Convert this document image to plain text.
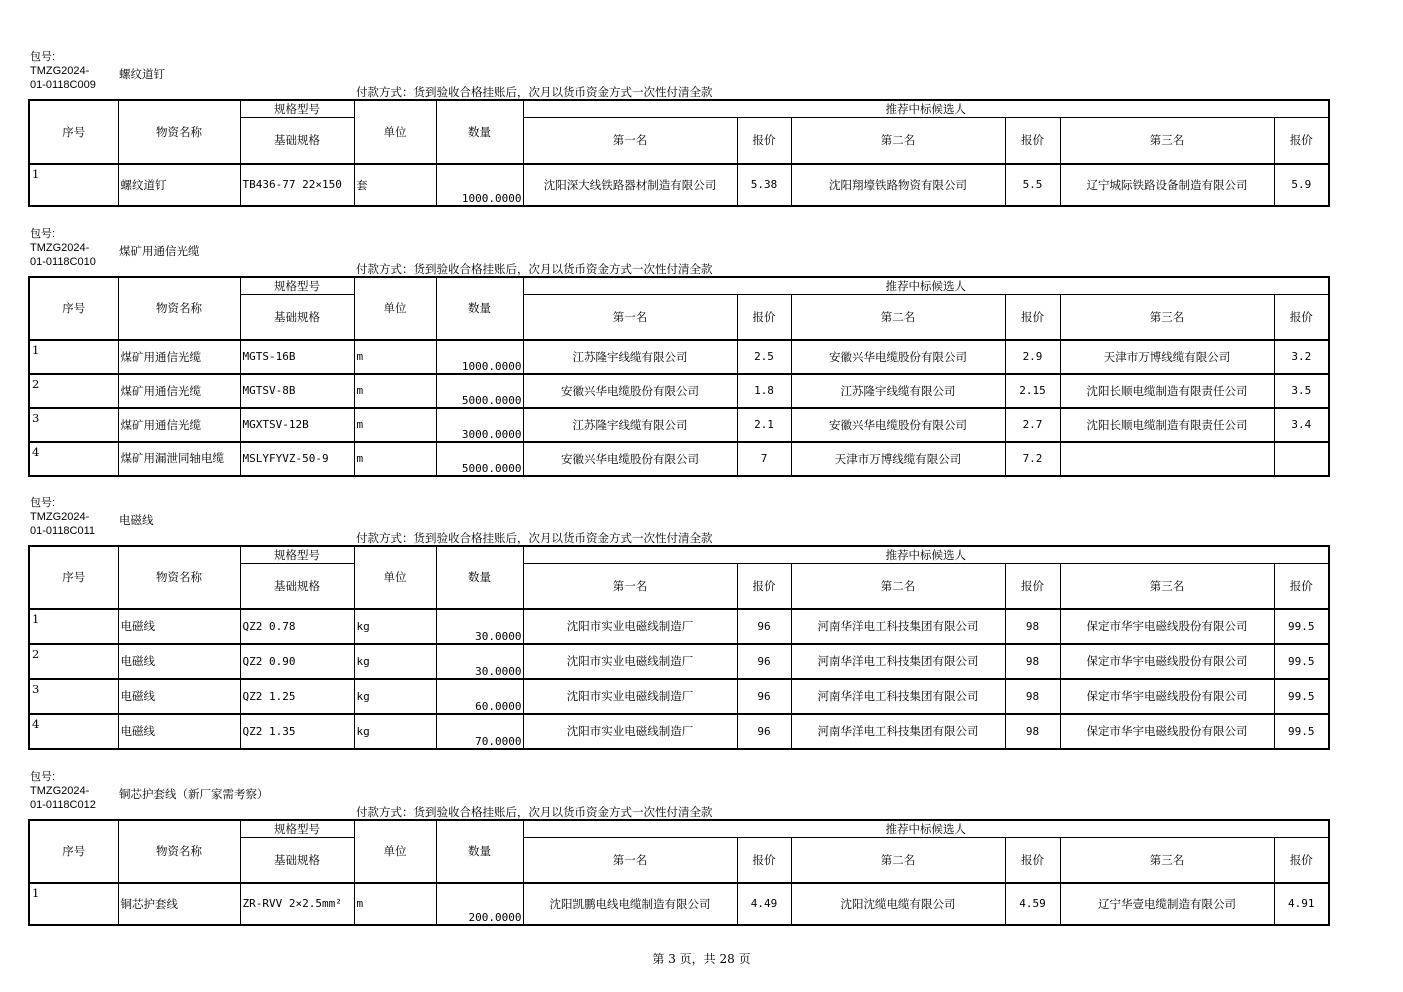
包号:
TMZG2024-
01-0118C009
螺纹道钉
付款方式：货到验收合格挂账后，次月以货币资金方式一次性付清全款
序号	物资名称	规格型号	单位	数量	推荐中标候选人					
		基础规格			第一名	报价	第二名	报价	第三名	报价
1	螺纹道钉	TB436-77 22×150	套	1000.0000	沈阳深大线铁路器材制造有限公司	5.38	沈阳翔壕铁路物资有限公司	5.5	辽宁城际铁路设备制造有限公司	5.9
包号:
TMZG2024-
01-0118C010
煤矿用通信光缆
付款方式：货到验收合格挂账后，次月以货币资金方式一次性付清全款
序号	物资名称	规格型号	单位	数量	推荐中标候选人					
		基础规格			第一名	报价	第二名	报价	第三名	报价
1	煤矿用通信光缆	MGTS-16B	m	1000.0000	江苏隆宇线缆有限公司	2.5	安徽兴华电缆股份有限公司	2.9	天津市万博线缆有限公司	3.2
2	煤矿用通信光缆	MGTSV-8B	m	5000.0000	安徽兴华电缆股份有限公司	1.8	江苏隆宇线缆有限公司	2.15	沈阳长顺电缆制造有限责任公司	3.5
3	煤矿用通信光缆	MGXTSV-12B	m	3000.0000	江苏隆宇线缆有限公司	2.1	安徽兴华电缆股份有限公司	2.7	沈阳长顺电缆制造有限责任公司	3.4
4	煤矿用漏泄同轴电缆	MSLYFYVZ-50-9	m	5000.0000	安徽兴华电缆股份有限公司	7	天津市万博线缆有限公司	7.2		
包号:
TMZG2024-
01-0118C011
电磁线
付款方式：货到验收合格挂账后，次月以货币资金方式一次性付清全款
序号	物资名称	规格型号	单位	数量	推荐中标候选人					
		基础规格			第一名	报价	第二名	报价	第三名	报价
1	电磁线	QZ2 0.78	kg	30.0000	沈阳市实业电磁线制造厂	96	河南华洋电工科技集团有限公司	98	保定市华宇电磁线股份有限公司	99.5
2	电磁线	QZ2 0.90	kg	30.0000	沈阳市实业电磁线制造厂	96	河南华洋电工科技集团有限公司	98	保定市华宇电磁线股份有限公司	99.5
3	电磁线	QZ2 1.25	kg	60.0000	沈阳市实业电磁线制造厂	96	河南华洋电工科技集团有限公司	98	保定市华宇电磁线股份有限公司	99.5
4	电磁线	QZ2 1.35	kg	70.0000	沈阳市实业电磁线制造厂	96	河南华洋电工科技集团有限公司	98	保定市华宇电磁线股份有限公司	99.5
包号:
TMZG2024-
01-0118C012
铜芯护套线（新厂家需考察）
付款方式：货到验收合格挂账后，次月以货币资金方式一次性付清全款
序号	物资名称	规格型号	单位	数量	推荐中标候选人					
		基础规格			第一名	报价	第二名	报价	第三名	报价
1	铜芯护套线	ZR-RVV 2×2.5mm²	m	200.0000	沈阳凯鹏电线电缆制造有限公司	4.49	沈阳沈缆电缆有限公司	4.59	辽宁华壹电缆制造有限公司	4.91
第 3 页，共 28 页
